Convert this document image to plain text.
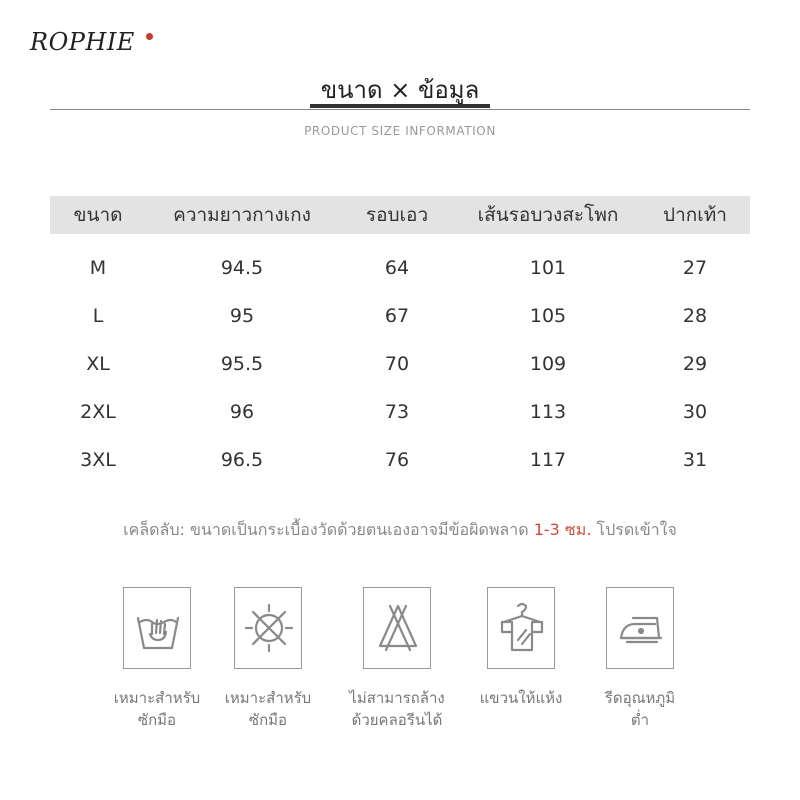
ROPHIE
ขนาด × ข้อมูล
PRODUCT SIZE INFORMATION
ขนาด	ความยาวกางเกง	รอบเอว	เส้นรอบวงสะโพก	ปากเท้า
M	94.5	64	101	27
L	95	67	105	28
XL	95.5	70	109	29
2XL	96	73	113	30
3XL	96.5	76	117	31
เคล็ดลับ: ขนาดเป็นกระเบื้องวัดด้วยตนเองอาจมีข้อผิดพลาด 1-3 ซม. โปรดเข้าใจ
เหมาะสำหรับ
ซักมือ
เหมาะสำหรับ
ซักมือ
ไม่สามารถล้าง
ด้วยคลอรีนได้
แขวนให้แห้ง	รีดอุณหภูมิ
ต่ำ
